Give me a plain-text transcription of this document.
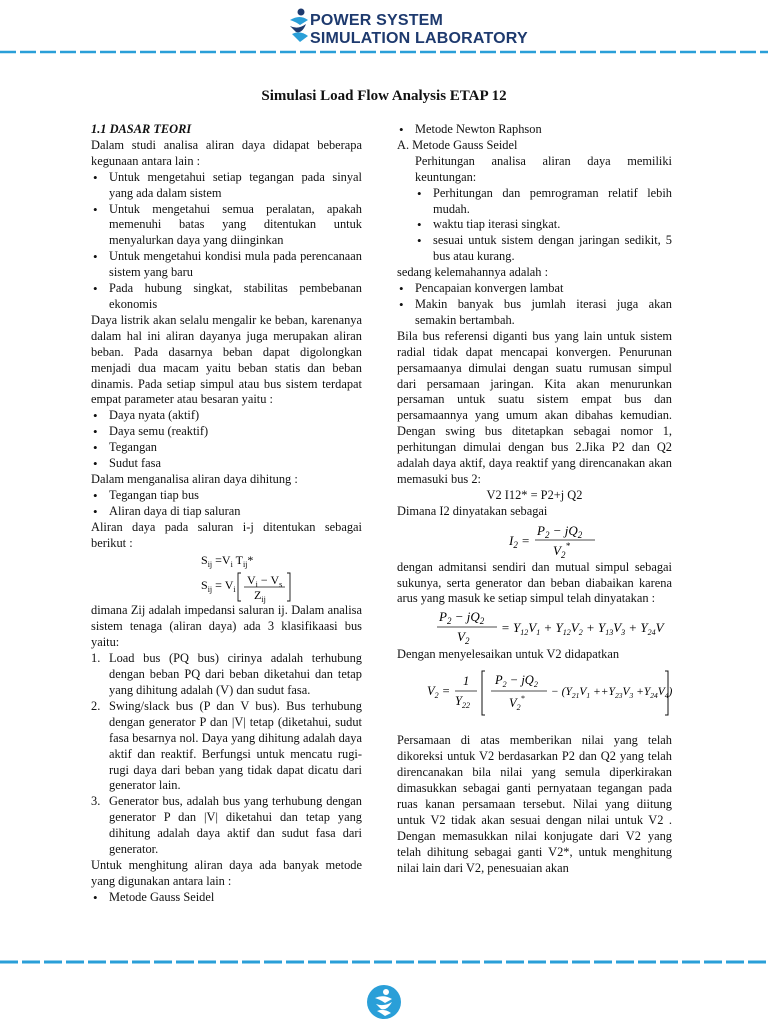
POWER SYSTEM
SIMULATION LABORATORY
Simulasi Load Flow Analysis ETAP 12

1.1 DASAR TEORI

Dalam studi analisa aliran daya didapat beberapa kegunaan antara lain :

• Untuk mengetahui setiap tegangan pada sinyal yang ada dalam sistem
• Untuk mengetahui semua peralatan, apakah memenuhi batas yang ditentukan untuk menyalurkan daya yang diinginkan
• Untuk mengetahui kondisi mula pada perencanaan sistem yang baru
• Pada hubung singkat, stabilitas pembebanan ekonomis

Daya listrik akan selalu mengalir ke beban, karenanya dalam hal ini aliran dayanya juga merupakan aliran beban. Pada dasarnya beban dapat digolongkan menjadi dua macam yaitu beban statis dan beban dinamis. Pada setiap simpul atau bus sistem terdapat empat parameter atau besaran yaitu :

• Daya nyata (aktif)
• Daya semu (reaktif)
• Tegangan
• Sudut fasa

Dalam menganalisa aliran daya dihitung :

• Tegangan tiap bus
• Aliran daya di tiap saluran

Aliran daya pada saluran i-j ditentukan sebagai berikut :

$S_{ij} =V_i$ $T_{ij}*$
$S_{ij} = V_i$
$V_i - V_s$
$Z_{ij}$

dimana Zij adalah impedansi saluran ij. Dalam analisa sistem tenaga (aliran daya) ada 3 klasifikaasi bus yaitu:

1. Load bus (PQ bus) cirinya adalah terhubung dengan beban PQ dari beban diketahui dan tetap yang dihitung adalah (V) dan sudut fasa.
2. Swing/slack bus (P dan V bus). Bus terhubung dengan generator P dan |V| tetap (diketahui, sudut fasa besarnya nol. Daya yang dihitung adalah daya aktif dan reaktif. Berfungsi untuk mencatu rugi-rugi daya dari beban yang tidak dapat dicatu dari generator lain.
3. Generator bus, adalah bus yang terhubung dengan generator P dan |V| diketahui dan tetap yang dihitung adalah daya aktif dan sudut fasa dari generator.

Untuk menghitung aliran daya ada banyak metode yang digunakan antara lain :

• Metode Gauss Seidel
• Metode Newton Raphson

A. Metode Gauss Seidel

Perhitungan analisa aliran daya memiliki keuntungan:

• Perhitungan dan pemrograman relatif lebih mudah.
• waktu tiap iterasi singkat.
• sesuai untuk sistem dengan jaringan sedikit, 5 bus atau kurang.

sedang kelemahannya adalah :

• Pencapaian konvergen lambat
• Makin banyak bus jumlah iterasi juga akan semakin bertambah.

Bila bus referensi diganti bus yang lain untuk sistem radial tidak dapat mencapai konvergen. Penurunan persamaanya dimulai dengan suatu rumusan simpul dari persamaan jaringan. Kita akan menurunkan persaman untuk suatu sistem empat bus dan persamaannya yang umum akan dibahas kemudian. Dengan swing bus ditetapkan sebagai nomor 1, perhitungan dimulai dengan bus 2.Jika P2 dan Q2 adalah daya aktif, daya reaktif yang direncanakan akan memasuki bus 2:

V2 I12* = P2+j Q2

Dimana I2 dinyatakan sebagai

$I_2$ =
$P_2 - jQ_2$
$V_2^*$

dengan admitansi sendiri dan mutual simpul sebagai sukunya, serta generator dan beban diabaikan karena arus yang masuk ke setiap simpul telah dinyatakan :

$P_2 - jQ_2$
$V_2$
= $Y_{12}V_1 + Y_{12}V_2 + Y_{13}V_3 + Y_{24}V$

Dengan menyelesaikan untuk V2 didapatkan

$V_2$ =
1
$Y_{22}$
$P_2 - jQ_2$
$V_2^*$
− $(Y_{21}V_1 ++Y_{23}V_3 +Y_{24}V_4)$

Persamaan di atas memberikan nilai yang telah dikoreksi untuk V2 berdasarkan P2 dan Q2 yang telah direncanakan bila nilai yang semula diperkirakan dimasukkan sebagai ganti pernyataan tegangan pada ruas kanan persamaan tersebut. Nilai yang diitung untuk V2 tidak akan sesuai dengan nilai untuk V2 . Dengan memasukkan nilai konjugate dari V2 yang telah dihitung sebagai ganti V2*, untuk menghitung nilai lain dari V2, penesuaian akan
